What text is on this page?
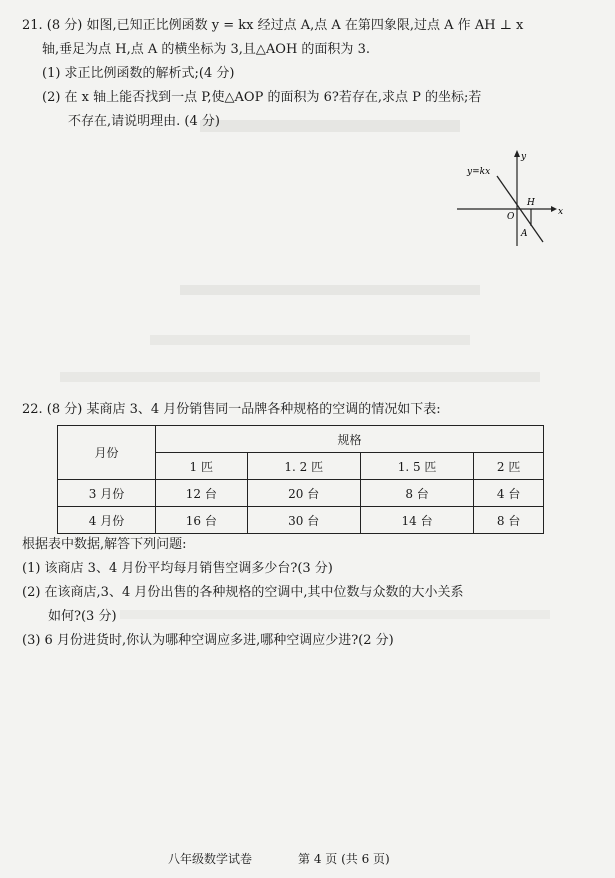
21. (8 分) 如图,已知正比例函数 y = kx 经过点 A,点 A 在第四象限,过点 A 作 AH ⊥ x
轴,垂足为点 H,点 A 的横坐标为 3,且△AOH 的面积为 3.
(1) 求正比例函数的解析式;(4 分)
(2) 在 x 轴上能否找到一点 P,使△AOP 的面积为 6?若存在,求点 P 的坐标;若
不存在,请说明理由. (4 分)
y=kx
y
x
O
H
A
22. (8 分) 某商店 3、4 月份销售同一品牌各种规格的空调的情况如下表:
月份	规格			
	1 匹	1. 2 匹	1. 5 匹	2 匹
3 月份	12 台	20 台	8 台	4 台
4 月份	16 台	30 台	14 台	8 台
根据表中数据,解答下列问题:
(1) 该商店 3、4 月份平均每月销售空调多少台?(3 分)
(2) 在该商店,3、4 月份出售的各种规格的空调中,其中位数与众数的大小关系
如何?(3 分)
(3) 6 月份进货时,你认为哪种空调应多进,哪种空调应少进?(2 分)
八年级数学试卷	第 4 页 (共 6 页)
